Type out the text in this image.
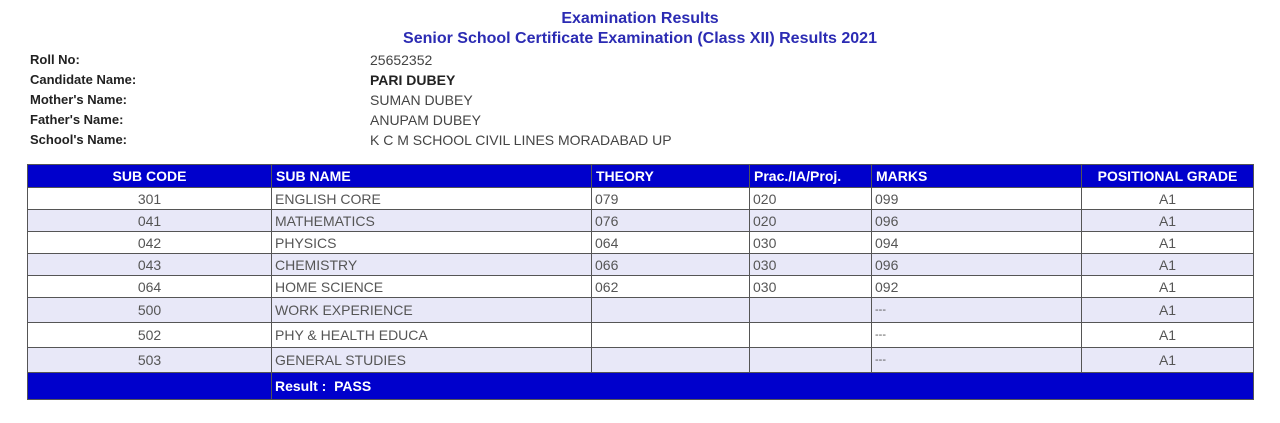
Examination Results
Senior School Certificate Examination (Class XII) Results 2021
Roll No:	25652352
Candidate Name:	PARI DUBEY
Mother's Name:	SUMAN DUBEY
Father's Name:	ANUPAM DUBEY
School's Name:	K C M SCHOOL CIVIL LINES MORADABAD UP
SUB CODE	SUB NAME	THEORY	Prac./IA/Proj.	MARKS	POSITIONAL GRADE
301	ENGLISH CORE	079	020	099	A1
041	MATHEMATICS	076	020	096	A1
042	PHYSICS	064	030	094	A1
043	CHEMISTRY	066	030	096	A1
064	HOME SCIENCE	062	030	092	A1
500	WORK EXPERIENCE			---	A1
502	PHY & HEALTH EDUCA			---	A1
503	GENERAL STUDIES			---	A1
	Result : PASS				
